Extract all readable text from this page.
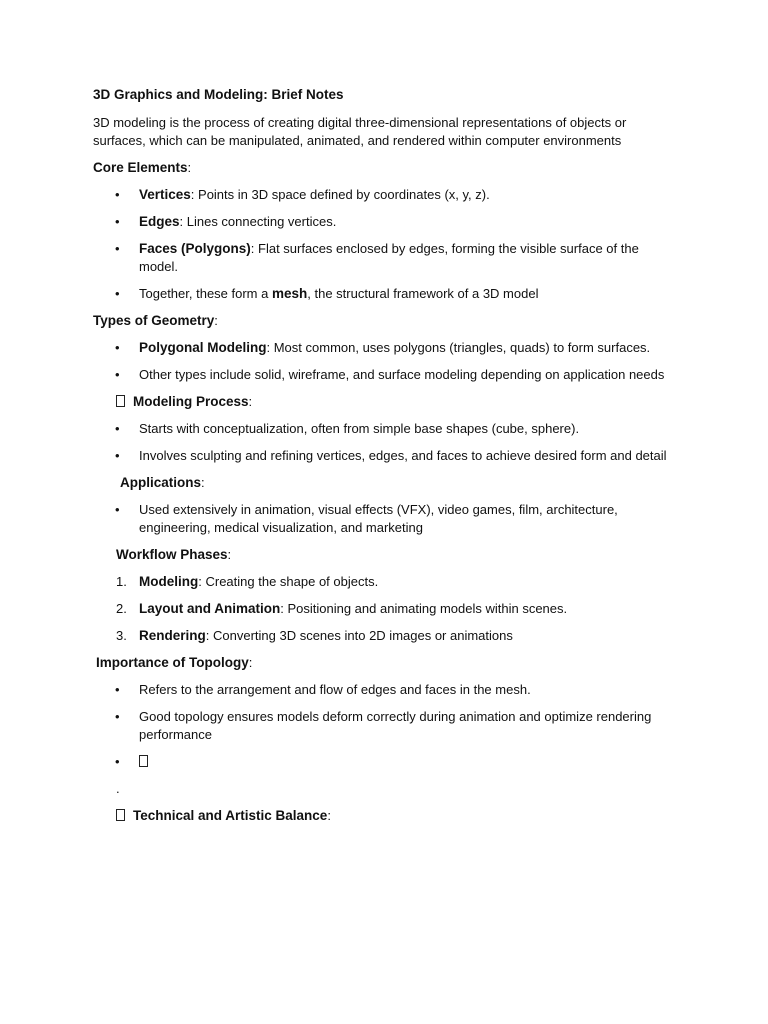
3D Graphics and Modeling: Brief Notes
3D modeling is the process of creating digital three-dimensional representations of objects or surfaces, which can be manipulated, animated, and rendered within computer environments
Core Elements:
• Vertices: Points in 3D space defined by coordinates (x, y, z).
• Edges: Lines connecting vertices.
• Faces (Polygons): Flat surfaces enclosed by edges, forming the visible surface of the model.
• Together, these form a mesh, the structural framework of a 3D model
Types of Geometry:
• Polygonal Modeling: Most common, uses polygons (triangles, quads) to form surfaces.
• Other types include solid, wireframe, and surface modeling depending on application needs
Modeling Process:
• Starts with conceptualization, often from simple base shapes (cube, sphere).
• Involves sculpting and refining vertices, edges, and faces to achieve desired form and detail
Applications:
• Used extensively in animation, visual effects (VFX), video games, film, architecture, engineering, medical visualization, and marketing
Workflow Phases:
1. Modeling: Creating the shape of objects.
2. Layout and Animation: Positioning and animating models within scenes.
3. Rendering: Converting 3D scenes into 2D images or animations
Importance of Topology:
• Refers to the arrangement and flow of edges and faces in the mesh.
• Good topology ensures models deform correctly during animation and optimize rendering performance
•
.
Technical and Artistic Balance:
